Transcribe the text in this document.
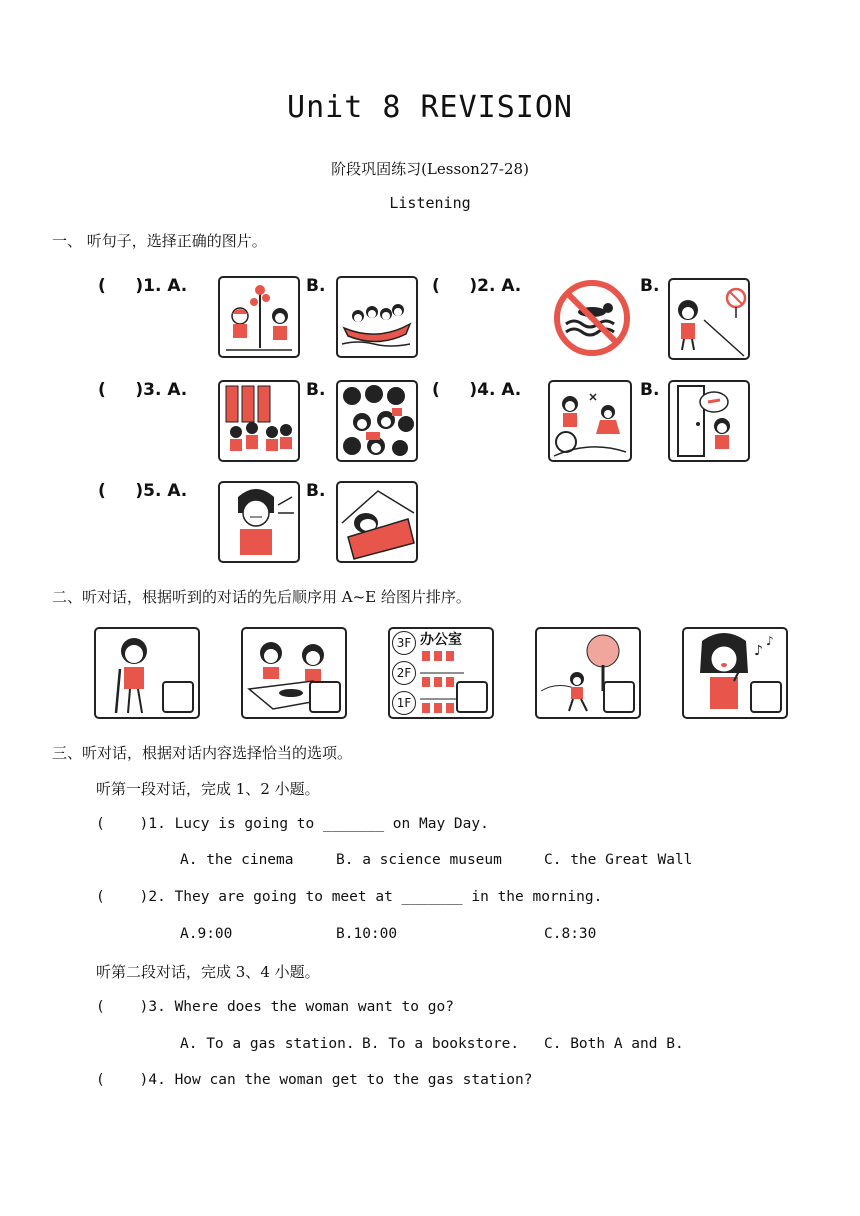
Unit 8 REVISION
阶段巩固练习(Lesson27-28)
Listening
一、 听句子，选择正确的图片。
(     )1. A.	B.	(     )2. A.	B.
(     )3. A.	B.	(     )4. A.	B.
(     )5. A.	B.
二、听对话，根据听到的对话的先后顺序用 A~E 给图片排序。
办公室
3F
2F
1F
♪
♪
三、听对话，根据对话内容选择恰当的选项。
听第一段对话，完成 1、2 小题。
(    )1. Lucy is going to _______ on May Day.
A. the cinema	B. a science museum	C. the Great Wall
(    )2. They are going to meet at _______ in the morning.
A.9:00	B.10:00	C.8:30
听第二段对话，完成 3、4 小题。
(    )3. Where does the woman want to go?
A. To a gas station. B. To a bookstore. C. Both A and B.
(    )4. How can the woman get to the gas station?
